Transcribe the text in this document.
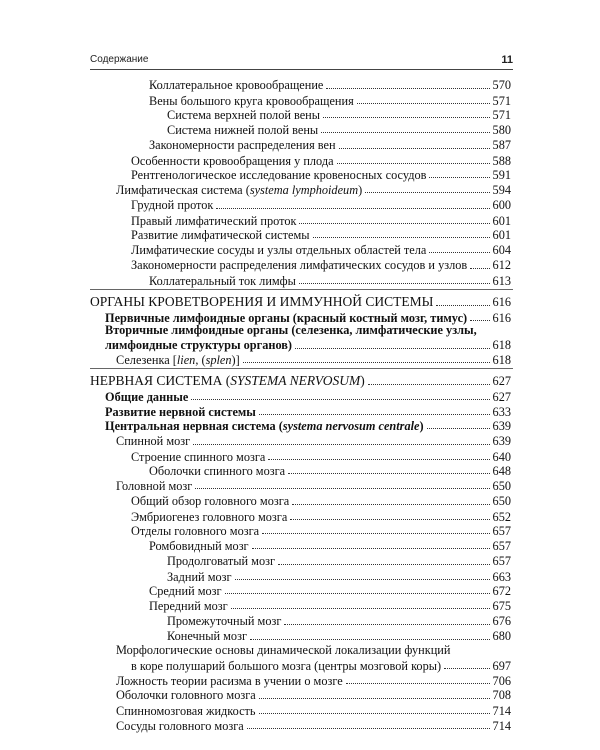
Содержание	11
Коллатеральное кровообращение	570
Вены большого круга кровообращения	571
Система верхней полой вены	571
Система нижней полой вены	580
Закономерности распределения вен	587
Особенности кровообращения у плода	588
Рентгенологическое исследование кровеносных сосудов	591
Лимфатическая система (systema lymphoideum)	594
Грудной проток	600
Правый лимфатический проток	601
Развитие лимфатической системы	601
Лимфатические сосуды и узлы отдельных областей тела	604
Закономерности распределения лимфатических сосудов и узлов 612
Коллатеральный ток лимфы	613
ОРГАНЫ КРОВЕТВОРЕНИЯ И ИММУННОЙ СИСТЕМЫ	616
Первичные лимфоидные органы (красный костный мозг, тимус) 616
Вторичные лимфоидные органы (селезенка, лимфатические узлы,
лимфоидные структуры органов)	618
Селезенка [lien, (splen)]	618
НЕРВНАЯ СИСТЕМА (SYSTEMA NERVOSUM)	627
Общие данные	627
Развитие нервной системы	633
Центральная нервная система (systema nervosum centrale)	639
Спинной мозг	639
Строение спинного мозга	640
Оболочки спинного мозга	648
Головной мозг	650
Общий обзор головного мозга	650
Эмбриогенез головного мозга	652
Отделы головного мозга	657
Ромбовидный мозг	657
Продолговатый мозг	657
Задний мозг	663
Средний мозг	672
Передний мозг	675
Промежуточный мозг	676
Конечный мозг	680
Морфологические основы динамической локализации функций
в коре полушарий большого мозга (центры мозговой коры)	697
Ложность теории расизма в учении о мозге	706
Оболочки головного мозга	708
Спинномозговая жидкость	714
Сосуды головного мозга	714
